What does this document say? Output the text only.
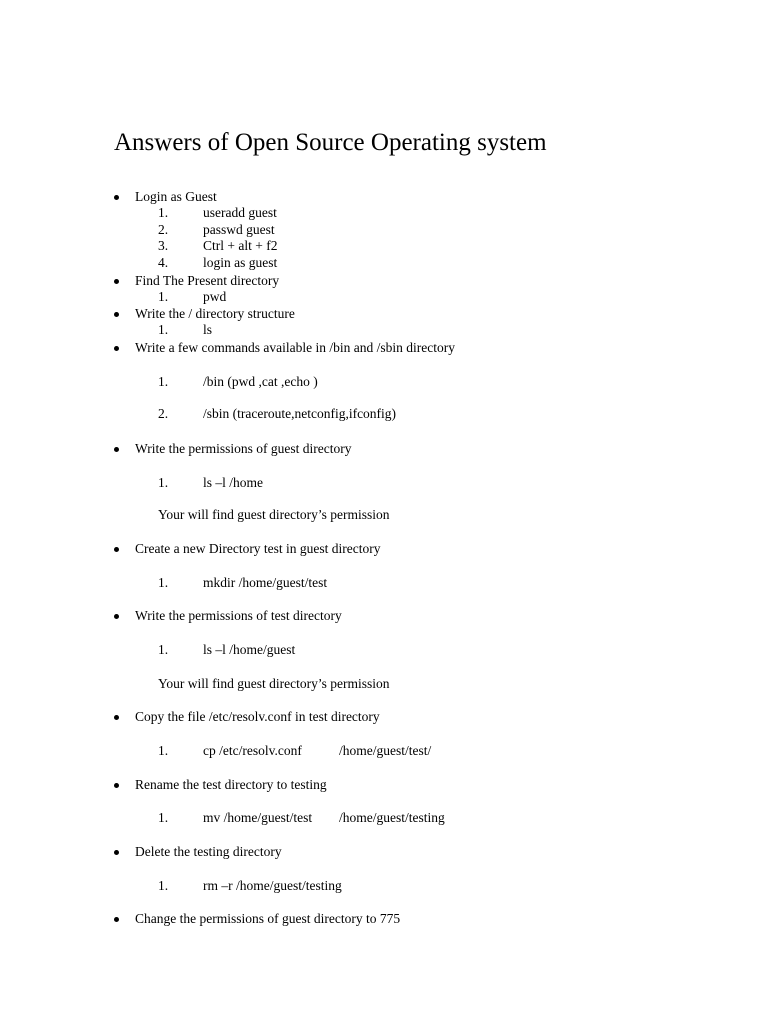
Answers of Open Source Operating system
Login as Guest
1.	useradd guest
2.	passwd guest
3.	Ctrl + alt + f2
4.	login as guest
Find The Present directory
1.	pwd
Write the / directory structure
1.	ls
Write a few commands available in /bin and /sbin directory
1.	/bin (pwd ,cat ,echo )
2.	/sbin (traceroute,netconfig,ifconfig)
Write the permissions of guest directory
1.	ls –l /home
Your will find guest directory’s permission
Create a new Directory test in guest directory
1.	mkdir /home/guest/test
Write the permissions of test directory
1.	ls –l /home/guest
Your will find guest directory’s permission
Copy the file /etc/resolv.conf in test directory
1.	cp /etc/resolv.conf	/home/guest/test/
Rename the test directory to testing
1.	mv /home/guest/test /home/guest/testing
Delete the testing directory
1.	rm –r /home/guest/testing
Change the permissions of guest directory to 775
